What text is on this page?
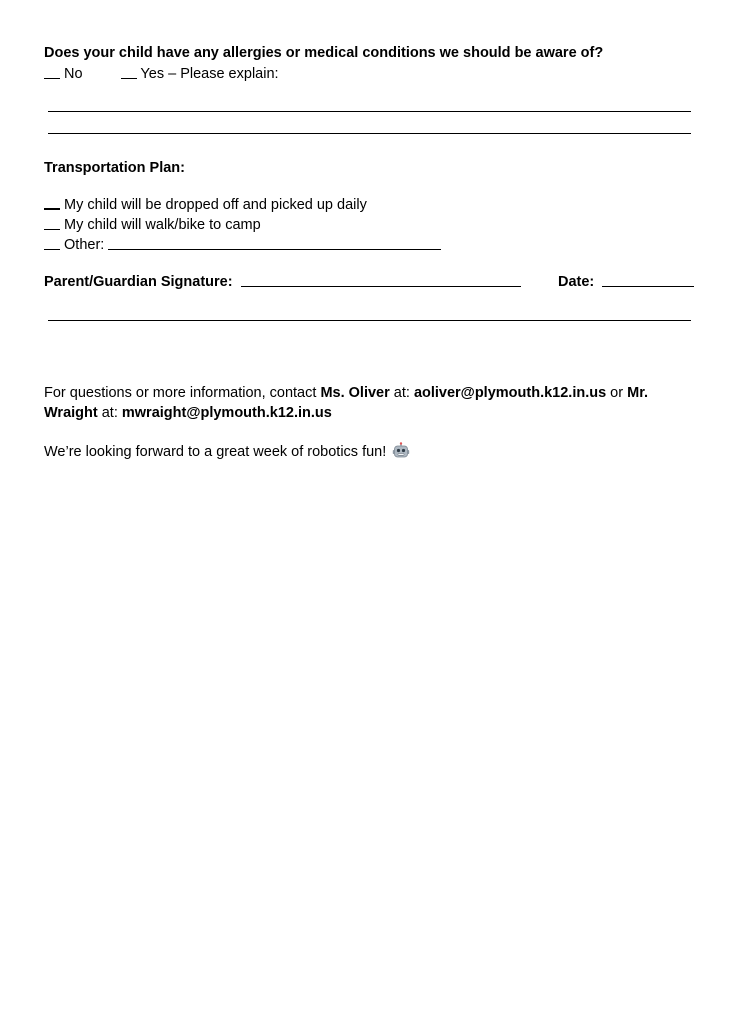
Does your child have any allergies or medical conditions we should be aware of?
No	Yes – Please explain:
Transportation Plan:
My child will be dropped off and picked up daily
My child will walk/bike to camp
Other:
Parent/Guardian Signature:	Date:
For questions or more information, contact Ms. Oliver at: aoliver@plymouth.k12.in.us or Mr.
Wraight at: mwraight@plymouth.k12.in.us
We’re looking forward to a great week of robotics fun!
